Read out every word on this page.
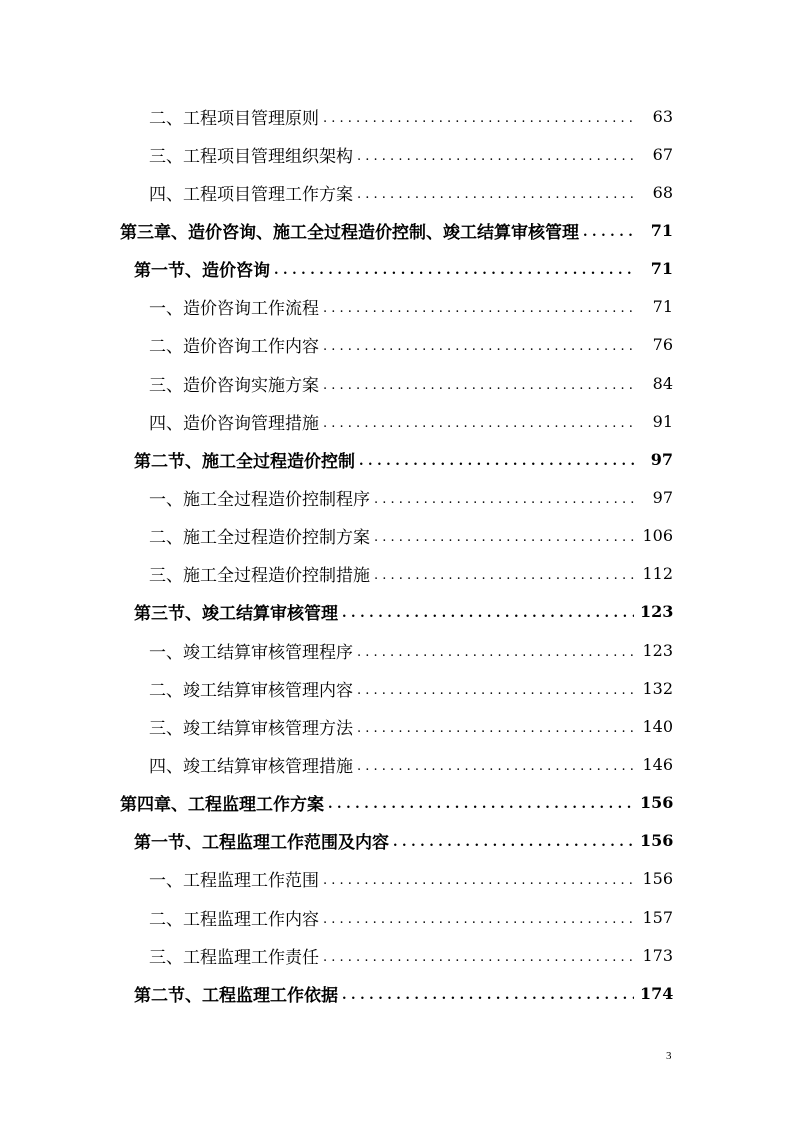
二、工程项目管理原则 . . .	63
三、工程项目管理组织架构 . . .	67
四、工程项目管理工作方案 . . .	68
第三章、造价咨询、施工全过程造价控制、竣工结算审核管理 . . .	71
第一节、造价咨询 . . .	71
一、造价咨询工作流程 . . .	71
二、造价咨询工作内容 . . .	76
三、造价咨询实施方案 . . .	84
四、造价咨询管理措施 . . .	91
第二节、施工全过程造价控制 . . .	97
一、施工全过程造价控制程序 . . .	97
二、施工全过程造价控制方案 . . .	106
三、施工全过程造价控制措施 . . .	112
第三节、竣工结算审核管理 . . .	123
一、竣工结算审核管理程序 . . .	123
二、竣工结算审核管理内容 . . .	132
三、竣工结算审核管理方法 . . .	140
四、竣工结算审核管理措施 . . .	146
第四章、工程监理工作方案 . . .	156
第一节、工程监理工作范围及内容 . . .	156
一、工程监理工作范围 . . .	156
二、工程监理工作内容 . . .	157
三、工程监理工作责任 . . .	173
第二节、工程监理工作依据 . . .	174
3
